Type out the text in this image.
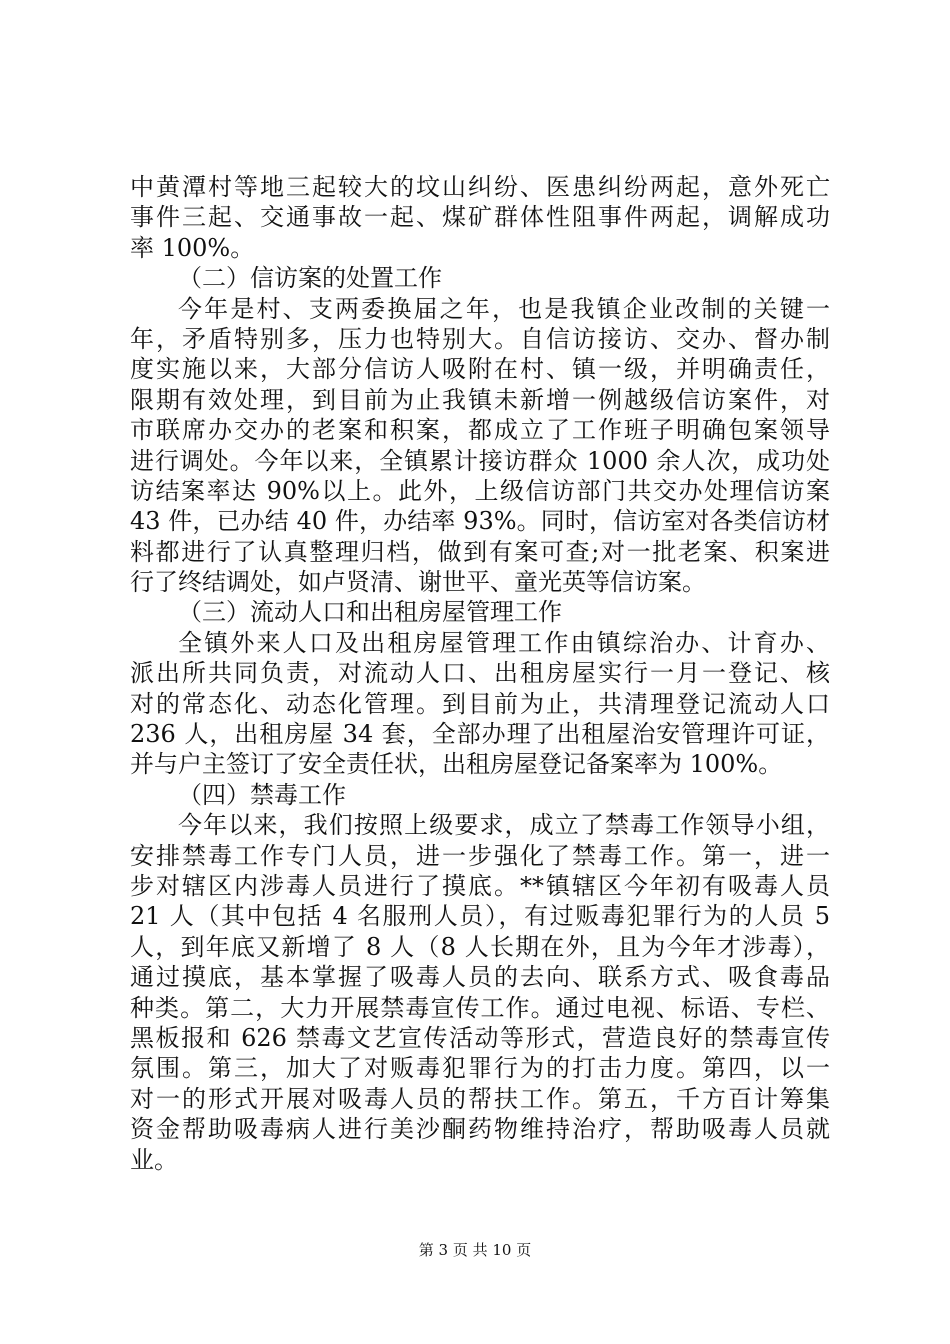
中黄潭村等地三起较大的坟山纠纷、医患纠纷两起，意外死亡
事件三起、交通事故一起、煤矿群体性阻事件两起，调解成功
率 100%。
（二）信访案的处置工作
今年是村、支两委换届之年，也是我镇企业改制的关键一
年，矛盾特别多，压力也特别大。自信访接访、交办、督办制
度实施以来，大部分信访人吸附在村、镇一级，并明确责任，
限期有效处理，到目前为止我镇未新增一例越级信访案件，对
市联席办交办的老案和积案，都成立了工作班子明确包案领导
进行调处。今年以来，全镇累计接访群众 1000 余人次，成功处
访结案率达 90%以上。此外，上级信访部门共交办处理信访案
43 件，已办结 40 件，办结率 93%。同时，信访室对各类信访材
料都进行了认真整理归档，做到有案可查;对一批老案、积案进
行了终结调处，如卢贤清、谢世平、童光英等信访案。
（三）流动人口和出租房屋管理工作
全镇外来人口及出租房屋管理工作由镇综治办、计育办、
派出所共同负责，对流动人口、出租房屋实行一月一登记、核
对的常态化、动态化管理。到目前为止，共清理登记流动人口
236 人，出租房屋 34 套，全部办理了出租屋治安管理许可证，
并与户主签订了安全责任状，出租房屋登记备案率为 100%。
（四）禁毒工作
今年以来，我们按照上级要求，成立了禁毒工作领导小组，
安排禁毒工作专门人员，进一步强化了禁毒工作。第一，进一
步对辖区内涉毒人员进行了摸底。**镇辖区今年初有吸毒人员
21 人（其中包括 4 名服刑人员），有过贩毒犯罪行为的人员 5
人，到年底又新增了 8 人（8 人长期在外，且为今年才涉毒），
通过摸底，基本掌握了吸毒人员的去向、联系方式、吸食毒品
种类。第二，大力开展禁毒宣传工作。通过电视、标语、专栏、
黑板报和 626 禁毒文艺宣传活动等形式，营造良好的禁毒宣传
氛围。第三，加大了对贩毒犯罪行为的打击力度。第四，以一
对一的形式开展对吸毒人员的帮扶工作。第五，千方百计筹集
资金帮助吸毒病人进行美沙酮药物维持治疗，帮助吸毒人员就
业。
第 3 页 共 10 页
